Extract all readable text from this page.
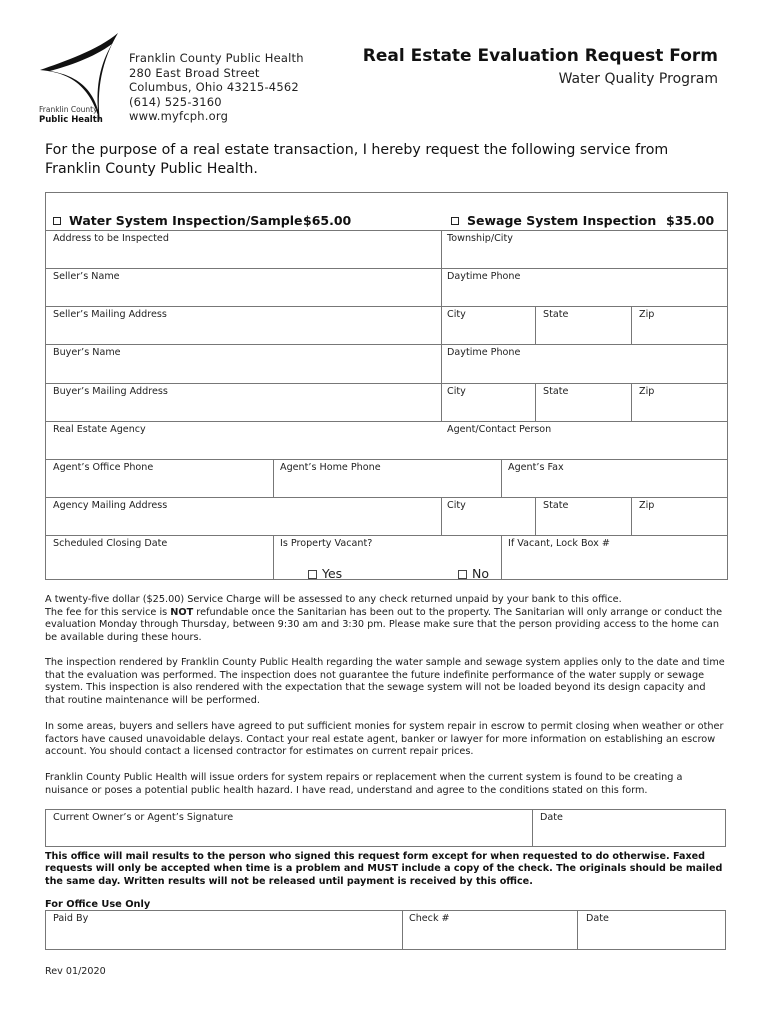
Franklin County
Public Health
Franklin County Public Health
280 East Broad Street
Columbus, Ohio 43215-4562
(614) 525-3160
www.myfcph.org
Real Estate Evaluation Request Form
Water Quality Program
For the purpose of a real estate transaction, I hereby request the following service from Franklin County Public Health.
Water System Inspection/Sample $65.00	Sewage System Inspection $35.00
Address to be Inspected	Township/City
Seller’s Name	Daytime Phone
Seller’s Mailing Address	City	State	Zip
Buyer’s Name	Daytime Phone
Buyer’s Mailing Address	City	State	Zip
Real Estate Agency	Agent/Contact Person
Agent’s Office Phone	Agent’s Home Phone	Agent’s Fax
Agency Mailing Address	City	State	Zip
Scheduled Closing Date	Is Property Vacant?	If Vacant, Lock Box #
Yes	No
A twenty-five dollar ($25.00) Service Charge will be assessed to any check returned unpaid by your bank to this office.
The fee for this service is NOT refundable once the Sanitarian has been out to the property. The Sanitarian will only arrange or conduct the evaluation Monday through Thursday, between 9:30 am and 3:30 pm. Please make sure that the person providing access to the home can be available during these hours.
The inspection rendered by Franklin County Public Health regarding the water sample and sewage system applies only to the date and time that the evaluation was performed. The inspection does not guarantee the future indefinite performance of the water supply or sewage system. This inspection is also rendered with the expectation that the sewage system will not be loaded beyond its design capacity and that routine maintenance will be performed.
In some areas, buyers and sellers have agreed to put sufficient monies for system repair in escrow to permit closing when weather or other factors have caused unavoidable delays. Contact your real estate agent, banker or lawyer for more information on establishing an escrow account. You should contact a licensed contractor for estimates on current repair prices.
Franklin County Public Health will issue orders for system repairs or replacement when the current system is found to be creating a nuisance or poses a potential public health hazard. I have read, understand and agree to the conditions stated on this form.
Current Owner’s or Agent’s Signature	Date
This office will mail results to the person who signed this request form except for when requested to do otherwise. Faxed requests will only be accepted when time is a problem and MUST include a copy of the check. The originals should be mailed the same day. Written results will not be released until payment is received by this office.
For Office Use Only
Paid By	Check #	Date
Rev 01/2020
